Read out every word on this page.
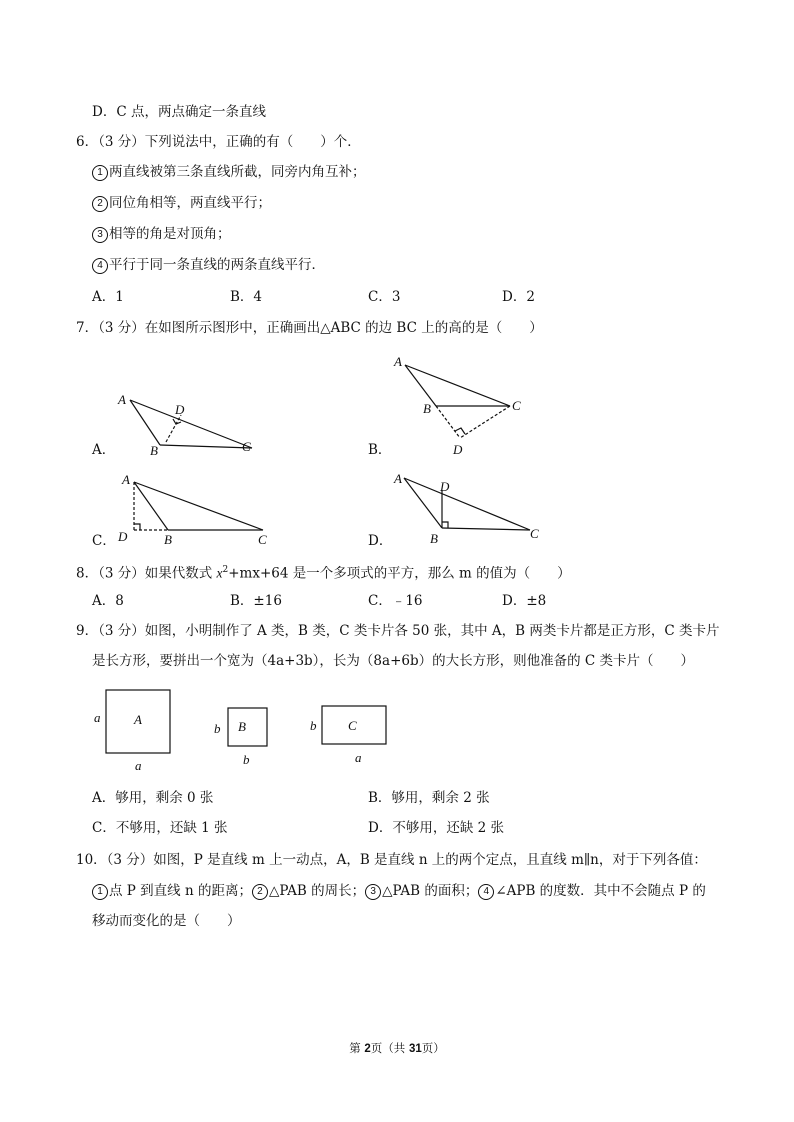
D．C 点，两点确定一条直线
6．（3 分）下列说法中，正确的有（　　）个．
1 两直线被第三条直线所截，同旁内角互补；
2 同位角相等，两直线平行；
3 相等的角是对顶角；
4 平行于同一条直线的两条直线平行．
A．1	B．4	C．3	D．2
7．（3 分）在如图所示图形中，正确画出△ABC 的边 BC 上的高的是（　　）
A．	B．
C．	D．
A
D
B	C
A
B	C
D
A
D	B	C
A
D
B	C
8．（3 分）如果代数式 $x^2+mx+64$ 是一个多项式的平方，那么 m 的值为（　　）
A．8	B．±16	C．﹣16	D．±8
9．（3 分）如图，小明制作了 A 类，B 类，C 类卡片各 50 张，其中 A，B 两类卡片都是正方形，C 类卡片
是长方形，要拼出一个宽为（4a+3b），长为（8a+6b）的大长方形，则他准备的 C 类卡片（　　）
A
a
a
B
b
b
C
b
a
A．够用，剩余 0 张	B．够用，剩余 2 张
C．不够用，还缺 1 张	D．不够用，还缺 2 张
10．（3 分）如图，P 是直线 m 上一动点，A，B 是直线 n 上的两个定点，且直线 m∥n，对于下列各值：
1 点 P 到直线 n 的距离； 2 △PAB 的周长； 3 △PAB 的面积； 4 ∠APB 的度数．其中不会随点 P 的
移动而变化的是（　　）
第 2页（共 31页）
